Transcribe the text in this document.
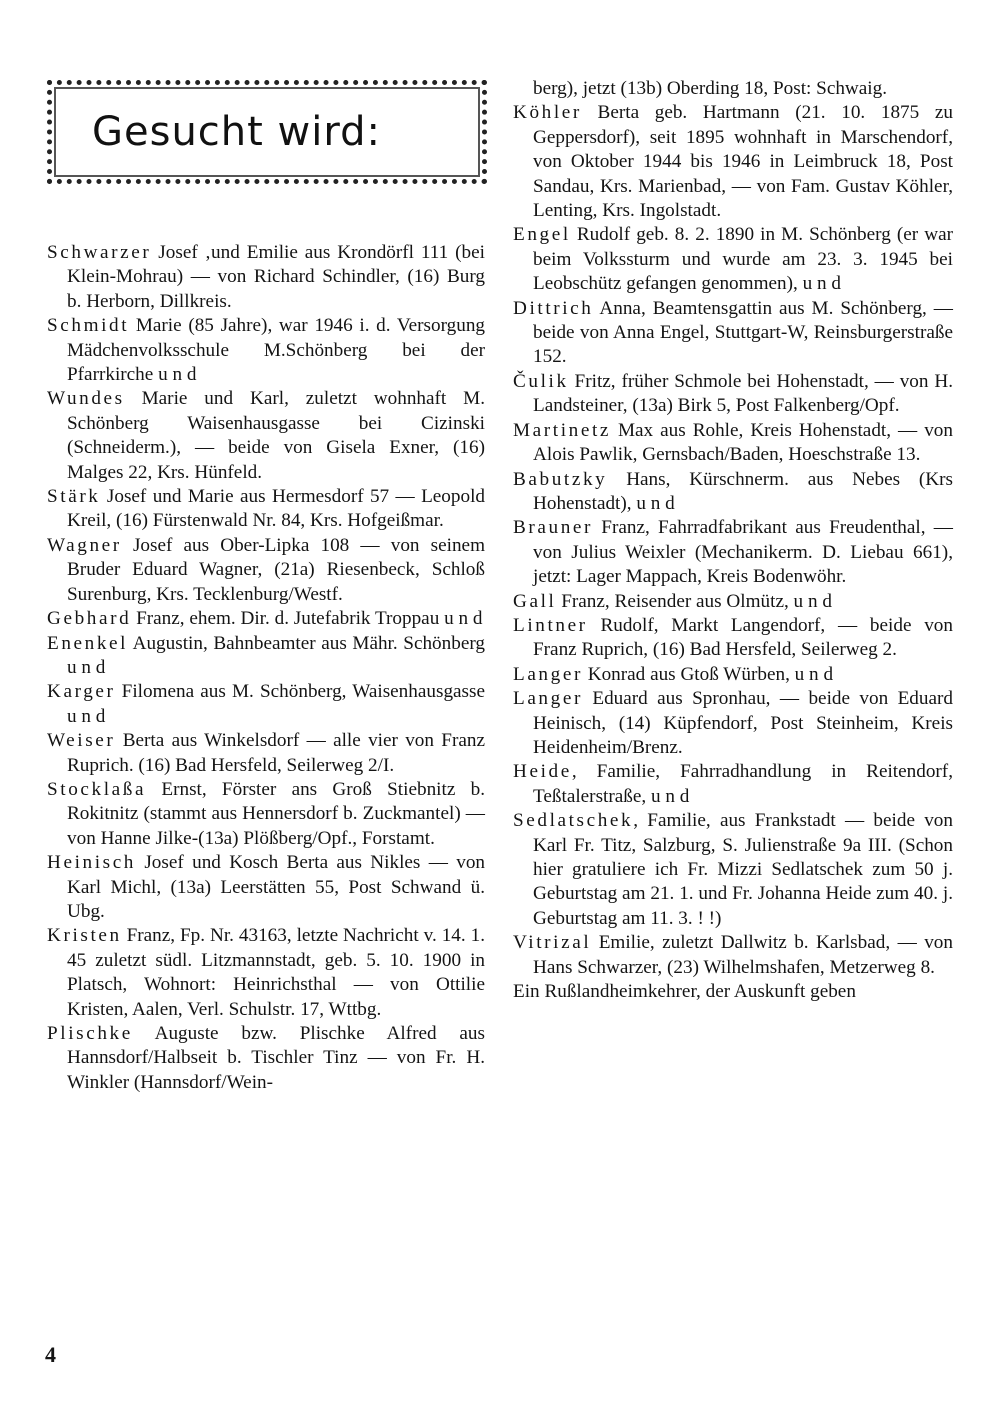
Gesucht wird:

Schwarzer Josef ‚und Emilie aus Krondörfl 111 (bei Klein-Mohrau) — von Richard Schindler, (16) Burg b. Herborn, Dillkreis.

Schmidt Marie (85 Jahre), war 1946 i. d. Versorgung Mädchenvolksschule M.Schönberg bei der Pfarrkirche u n d

Wundes Marie und Karl, zuletzt wohnhaft M. Schönberg Waisenhausgasse bei Cizinski (Schneiderm.), — beide von Gisela Exner, (16) Malges 22, Krs. Hünfeld.

Stärk Josef und Marie aus Hermesdorf 57 — Leopold Kreil, (16) Fürstenwald Nr. 84, Krs. Hofgeißmar.

Wagner Josef aus Ober-Lipka 108 — von seinem Bruder Eduard Wagner, (21a) Riesenbeck, Schloß Surenburg, Krs. Tecklenburg/Westf.

Gebhard Franz, ehem. Dir. d. Jutefabrik Troppau u n d

Enenkel Augustin, Bahnbeamter aus Mähr. Schönberg u n d

Karger Filomena aus M. Schönberg, Waisenhausgasse u n d

Weiser Berta aus Winkelsdorf — alle vier von Franz Ruprich. (16) Bad Hersfeld, Seilerweg 2/I.

Stocklaßa Ernst, Förster ans Groß Stiebnitz b. Rokitnitz (stammt aus Hennersdorf b. Zuckmantel) — von Hanne Jilke-(13a) Plößberg/Opf., Forstamt.

Heinisch Josef und Kosch Berta aus Nikles — von Karl Michl, (13a) Leerstätten 55, Post Schwand ü. Ubg.

Kristen Franz, Fp. Nr. 43163, letzte Nachricht v. 14. 1. 45 zuletzt südl. Litzmannstadt, geb. 5. 10. 1900 in Platsch, Wohnort: Heinrichsthal — von Ottilie Kristen, Aalen, Verl. Schulstr. 17, Wttbg.

Plischke Auguste bzw. Plischke Alfred aus Hannsdorf/Halbseit b. Tischler Tinz — von Fr. H. Winkler (Hannsdorf/Wein-

berg), jetzt (13b) Oberding 18, Post: Schwaig.

Köhler Berta geb. Hartmann (21. 10. 1875 zu Geppersdorf), seit 1895 wohnhaft in Marschendorf, von Oktober 1944 bis 1946 in Leimbruck 18, Post Sandau, Krs. Marienbad, — von Fam. Gustav Köhler, Lenting, Krs. Ingolstadt.

Engel Rudolf geb. 8. 2. 1890 in M. Schönberg (er war beim Volkssturm und wurde am 23. 3. 1945 bei Leobschütz gefangen genommen), u n d

Dittrich Anna, Beamtensgattin aus M. Schönberg, — beide von Anna Engel, Stuttgart-W, Reinsburgerstraße 152.

Čulik Fritz, früher Schmole bei Hohenstadt, — von H. Landsteiner, (13a) Birk 5, Post Falkenberg/Opf.

Martinetz Max aus Rohle, Kreis Hohenstadt, — von Alois Pawlik, Gernsbach/Baden, Hoeschstraße 13.

Babutzky Hans, Kürschnerm. aus Nebes (Krs Hohenstadt), u n d

Brauner Franz, Fahrradfabrikant aus Freudenthal, — von Julius Weixler (Mechanikerm. D. Liebau 661), jetzt: Lager Mappach, Kreis Bodenwöhr.

Gall Franz, Reisender aus Olmütz, u n d

Lintner Rudolf, Markt Langendorf, — beide von Franz Ruprich, (16) Bad Hersfeld, Seilerweg 2.

Langer Konrad aus Gtoß Würben, u n d

Langer Eduard aus Spronhau, — beide von Eduard Heinisch, (14) Küpfendorf, Post Steinheim, Kreis Heidenheim/Brenz.

Heide, Familie, Fahrradhandlung in Reitendorf, Teßtalerstraße, u n d

Sedlatschek, Familie, aus Frankstadt — beide von Karl Fr. Titz, Salzburg, S. Julienstraße 9a III. (Schon hier gratuliere ich Fr. Mizzi Sedlatschek zum 50 j. Geburtstag am 21. 1. und Fr. Johanna Heide zum 40. j. Geburtstag am 11. 3. ! !)

Vitrizal Emilie, zuletzt Dallwitz b. Karlsbad, — von Hans Schwarzer, (23) Wilhelmshafen, Metzerweg 8.

Ein Rußlandheimkehrer, der Auskunft geben

4
